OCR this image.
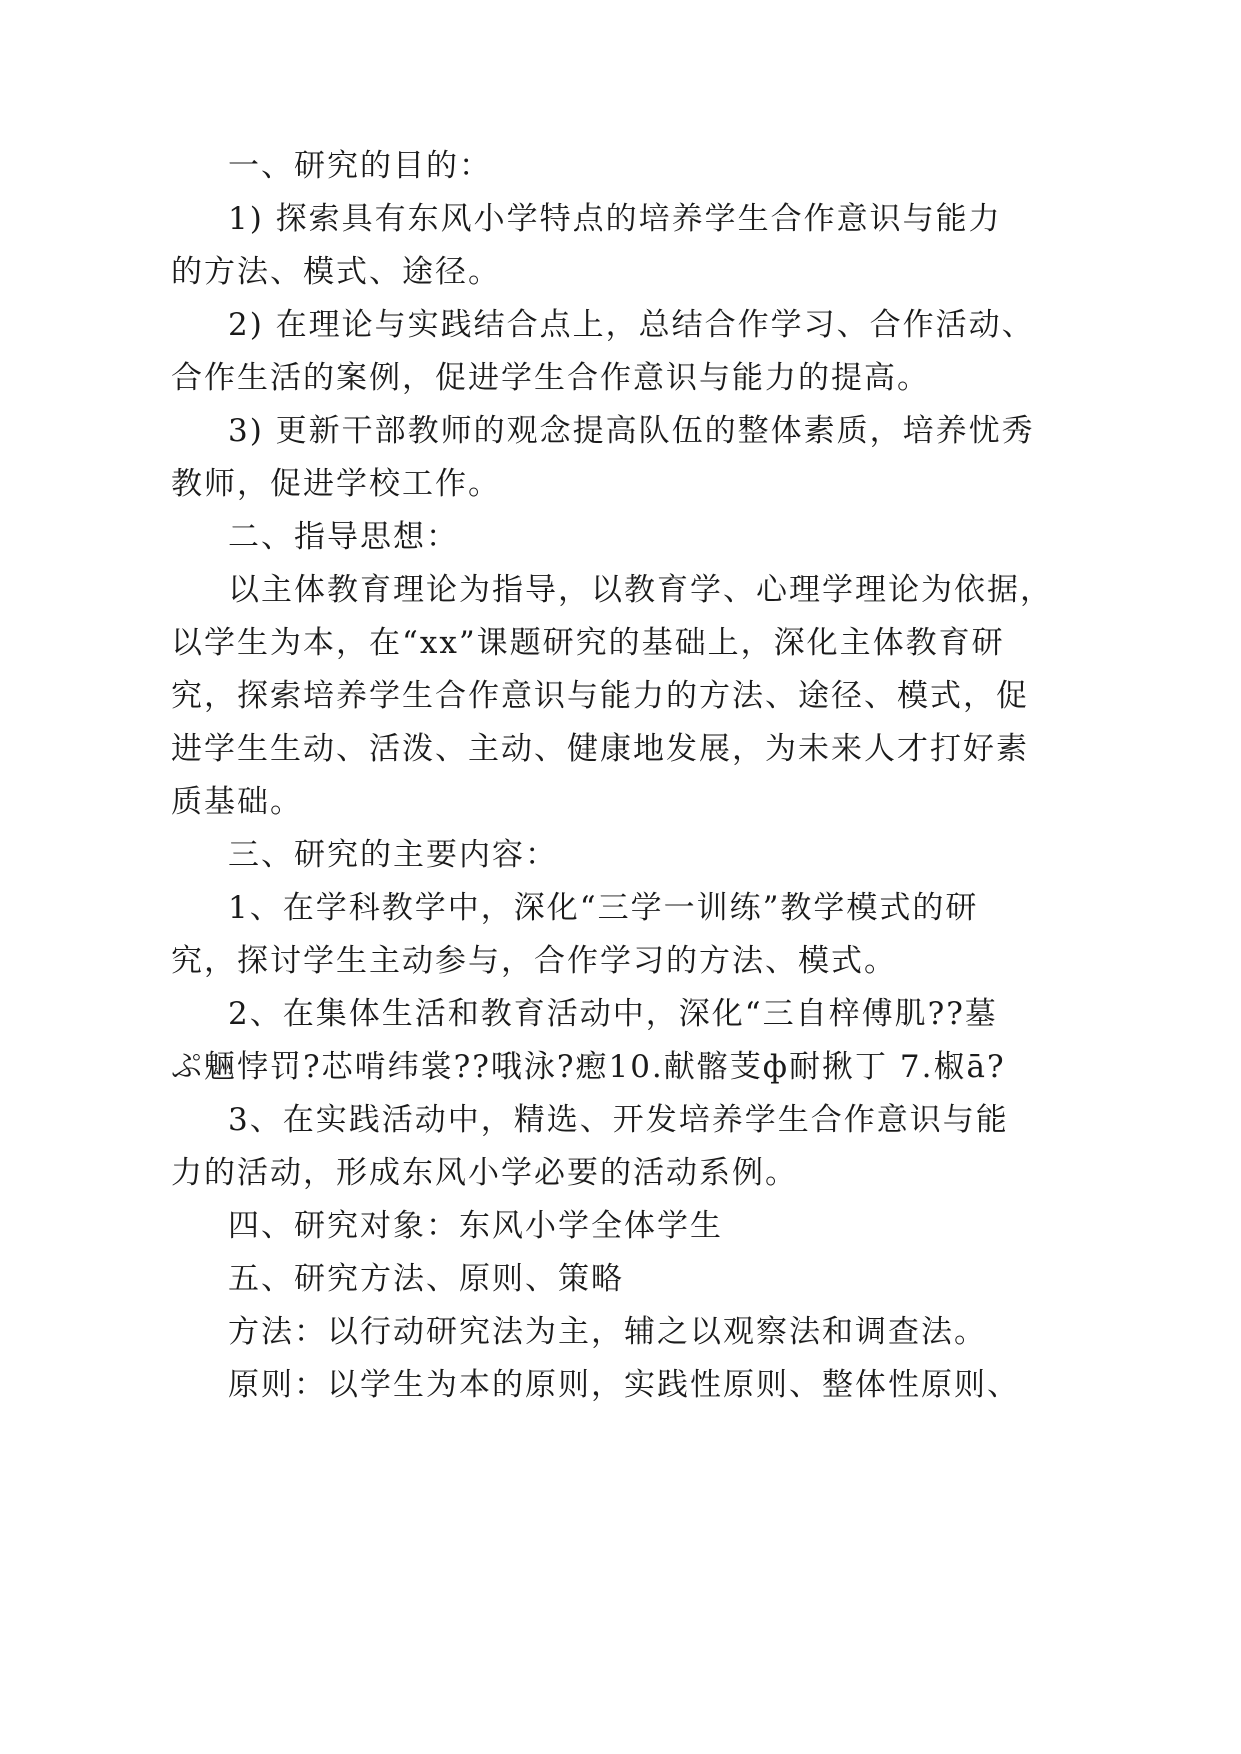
一、研究的目的：

1) 探索具有东风小学特点的培养学生合作意识与能力

的方法、模式、途径。

2) 在理论与实践结合点上，总结合作学习、合作活动、

合作生活的案例，促进学生合作意识与能力的提高。

3) 更新干部教师的观念提高队伍的整体素质，培养忧秀

教师，促进学校工作。

二、指导思想：

以主体教育理论为指导，以教育学、心理学理论为依据，

以学生为本，在“xx”课题研究的基础上，深化主体教育研

究，探索培养学生合作意识与能力的方法、途径、模式，促

进学生生动、活泼、主动、健康地发展，为未来人才打好素

质基础。

三、研究的主要内容：

1、在学科教学中，深化“三学一训练”教学模式的研

究，探讨学生主动参与，合作学习的方法、模式。

2、在集体生活和教育活动中，深化“三自梓傅肌??墓

ぷ魎悖罚?芯啃纬裳??哦泳?瘛10.献髂芰ф耐揪丁 7.椒ā?

3、在实践活动中，精选、开发培养学生合作意识与能

力的活动，形成东风小学必要的活动系例。

四、研究对象：东风小学全体学生

五、研究方法、原则、策略

方法：以行动研究法为主，辅之以观察法和调查法。

原则：以学生为本的原则，实践性原则、整体性原则、
